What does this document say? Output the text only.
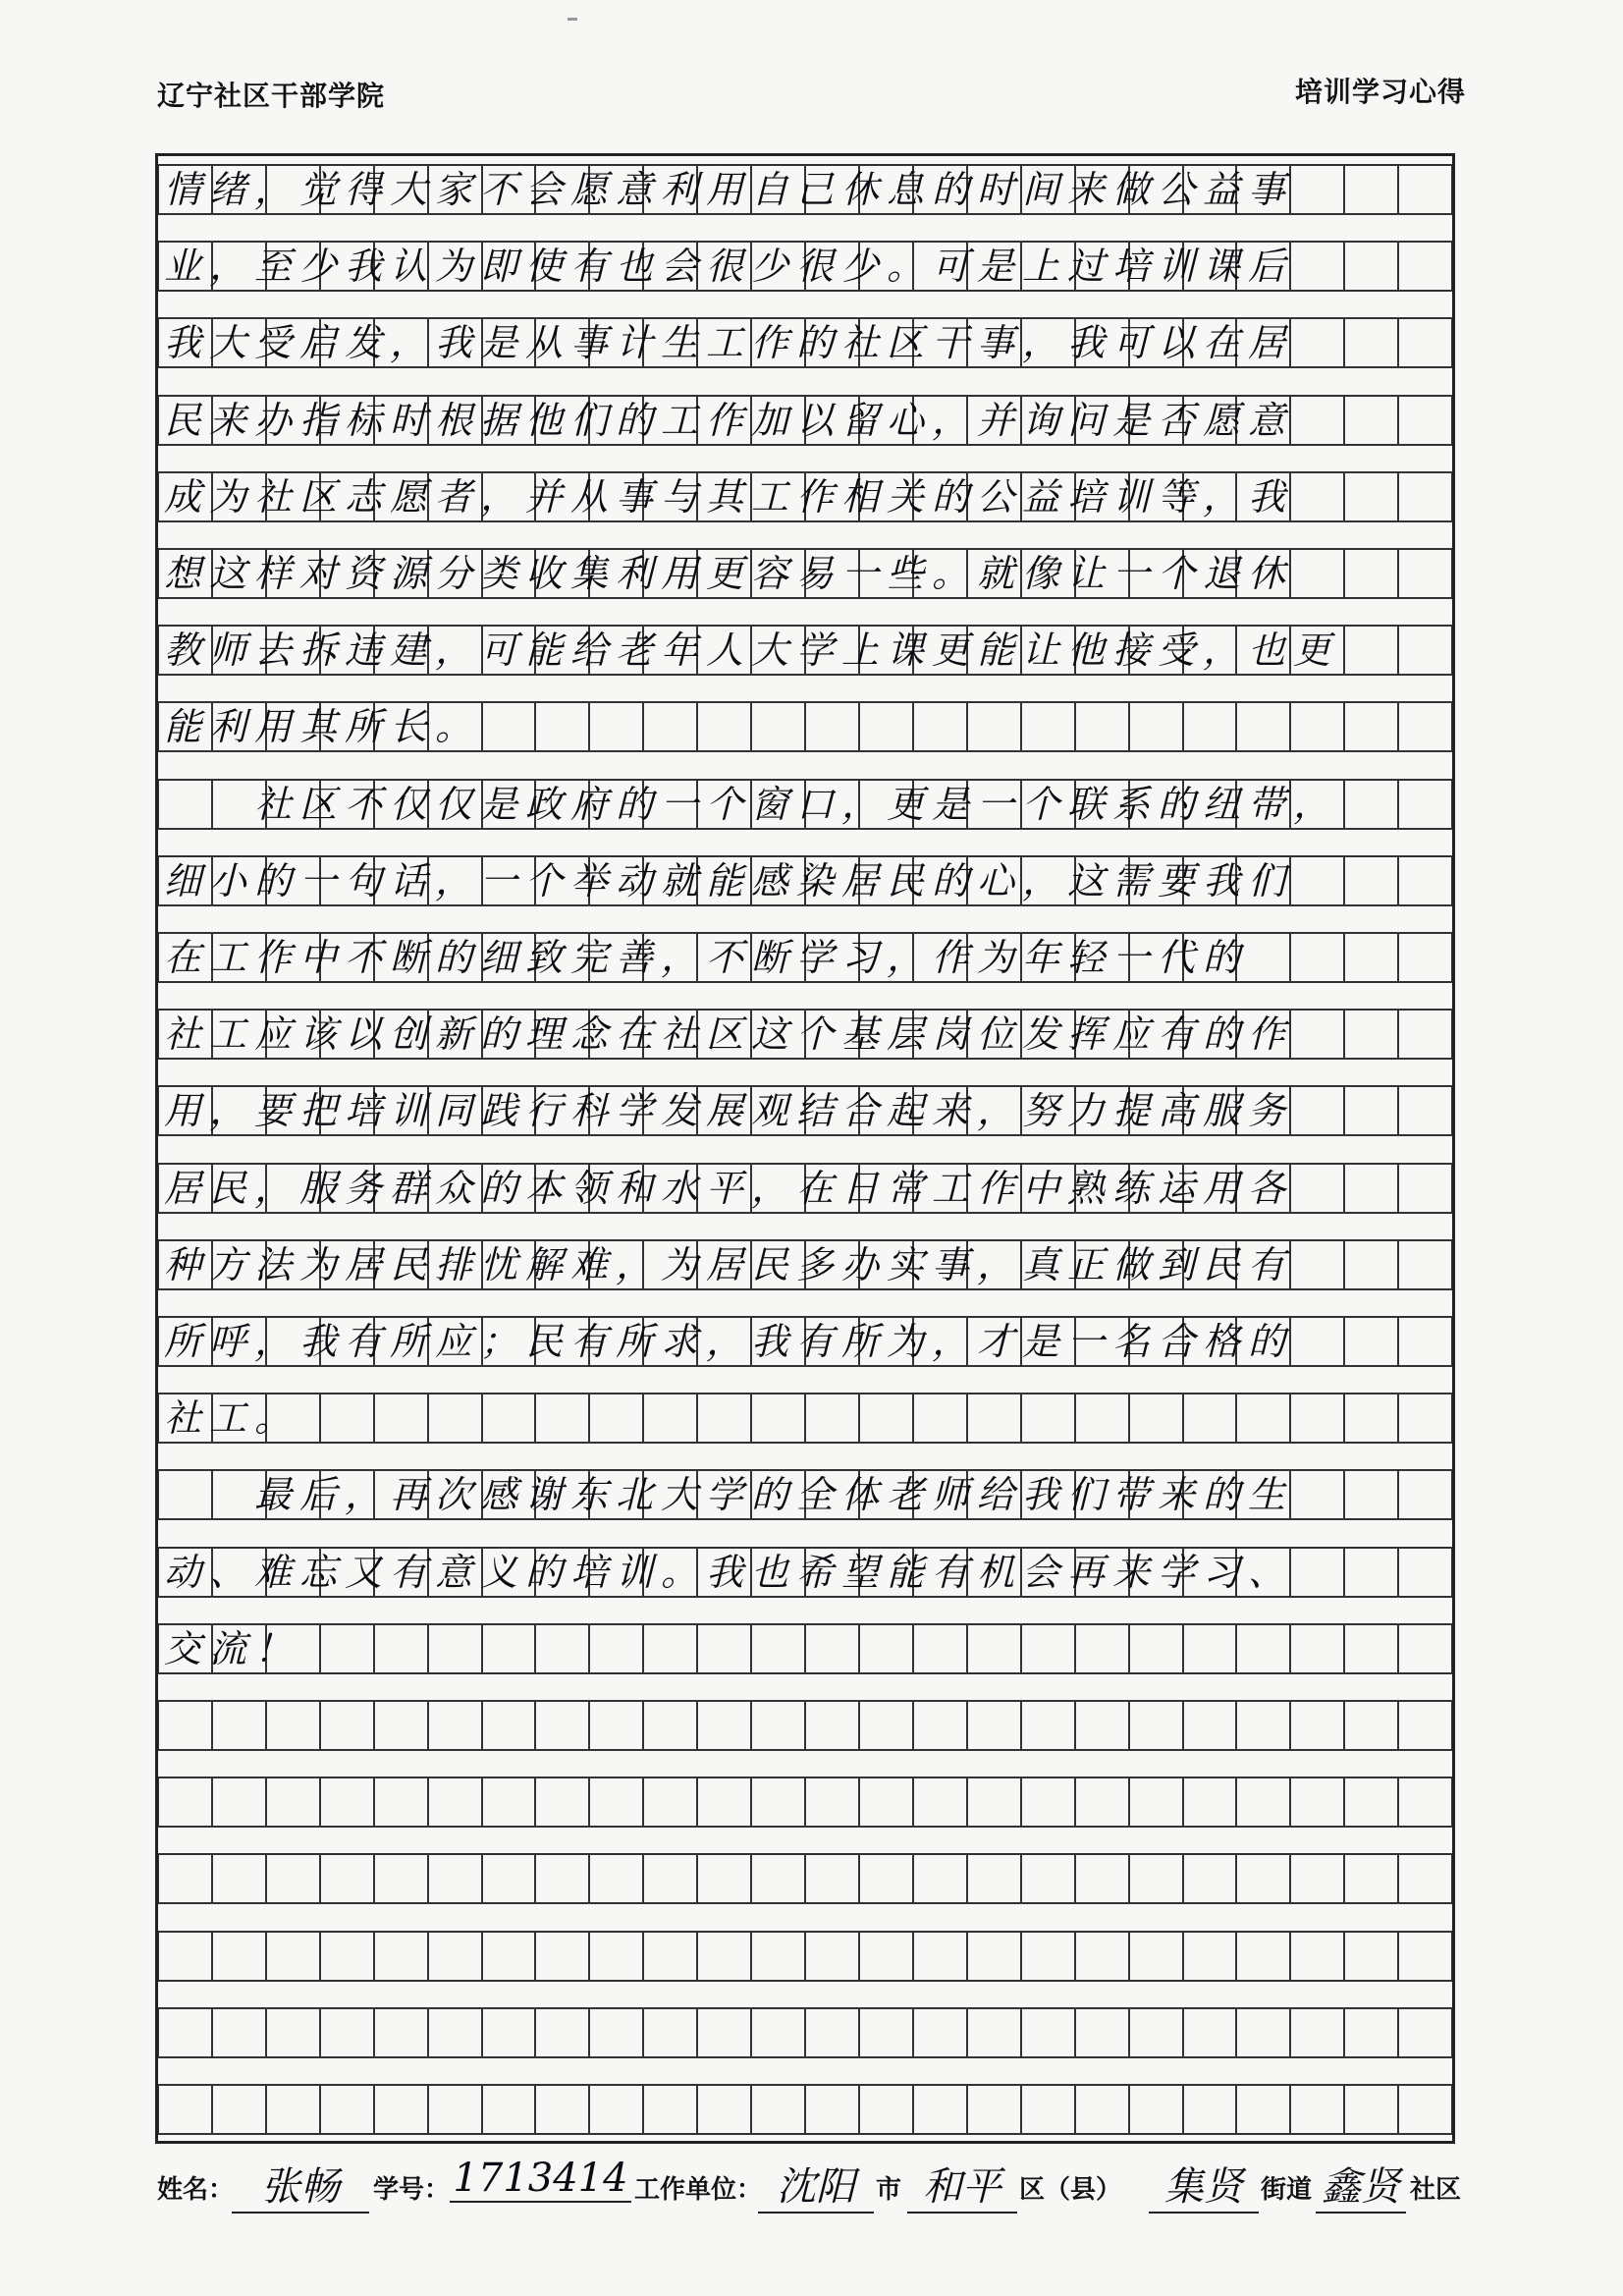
辽宁社区干部学院	培训学习心得
情绪，觉得大家不会愿意利用自己休息的时间来做公益事
业，至少我认为即使有也会很少很少。可是上过培训课后
我大受启发，我是从事计生工作的社区干事，我可以在居
民来办指标时根据他们的工作加以留心，并询问是否愿意
成为社区志愿者，并从事与其工作相关的公益培训等，我
想这样对资源分类收集利用更容易一些。就像让一个退休
教师去拆违建，可能给老年人大学上课更能让他接受，也更
能利用其所长。
　　社区不仅仅是政府的一个窗口，更是一个联系的纽带，
细小的一句话，一个举动就能感染居民的心，这需要我们
在工作中不断的细致完善，不断学习，作为年轻一代的
社工应该以创新的理念在社区这个基层岗位发挥应有的作
用，要把培训同践行科学发展观结合起来，努力提高服务
居民，服务群众的本领和水平，在日常工作中熟练运用各
种方法为居民排忧解难，为居民多办实事，真正做到民有
所呼，我有所应；民有所求，我有所为，才是一名合格的
社工。
　　最后，再次感谢东北大学的全体老师给我们带来的生
动、难忘又有意义的培训。我也希望能有机会再来学习、
交流！
姓名： 张畅	学号： 1713414 工作单位： 沈阳 市 和平 区（县）	集贤 街道 鑫贤 社区
